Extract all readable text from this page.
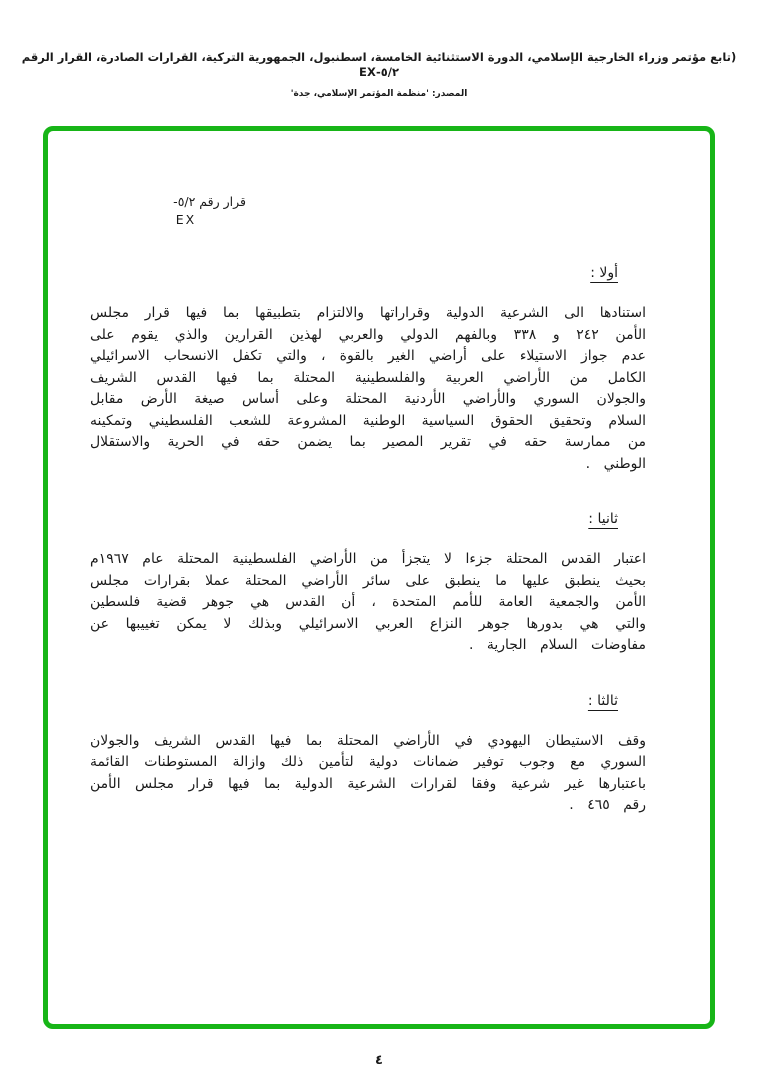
(تابع مؤتمر وزراء الخارجية الإسلامي، الدورة الاستثنائية الخامسة، اسطنبول، الجمهورية التركية، القرارات الصادرة، القرار الرقم ٥/٢-EX
المصدر: 'منظمة المؤتمر الإسلامي، جدة'
قرار رقم ٥/٢-
EX
أولا :

استنادها الى الشرعية الدولية وقراراتها والالتزام بتطبيقها بما فيها قرار مجلس الأمن ٢٤٢ و ٣٣٨ وبالفهم الدولي والعربي لهذين القرارين والذي يقوم على عدم جواز الاستيلاء على أراضي الغير بالقوة ، والتي تكفل الانسحاب الاسرائيلي الكامل من الأراضي العربية والفلسطينية المحتلة بما فيها القدس الشريف والجولان السوري والأراضي الأردنية المحتلة وعلى أساس صيغة الأرض مقابل السلام وتحقيق الحقوق السياسية الوطنية المشروعة للشعب الفلسطيني وتمكينه من ممارسة حقه في تقرير المصير بما يضمن حقه في الحرية والاستقلال الوطني .

ثانيا :

اعتبار القدس المحتلة جزءا لا يتجزأ من الأراضي الفلسطينية المحتلة عام ١٩٦٧م بحيث ينطبق عليها ما ينطبق على سائر الأراضي المحتلة عملا بقرارات مجلس الأمن والجمعية العامة للأمم المتحدة ، أن القدس هي جوهر قضية فلسطين والتي هي بدورها جوهر النزاع العربي الاسرائيلي وبذلك لا يمكن تغييبها عن مفاوضات السلام الجارية .

ثالثا :

وقف الاستيطان اليهودي في الأراضي المحتلة بما فيها القدس الشريف والجولان السوري مع وجوب توفير ضمانات دولية لتأمين ذلك وازالة المستوطنات القائمة باعتبارها غير شرعية وفقا لقرارات الشرعية الدولية بما فيها قرار مجلس الأمن رقم ٤٦٥ .

٤
